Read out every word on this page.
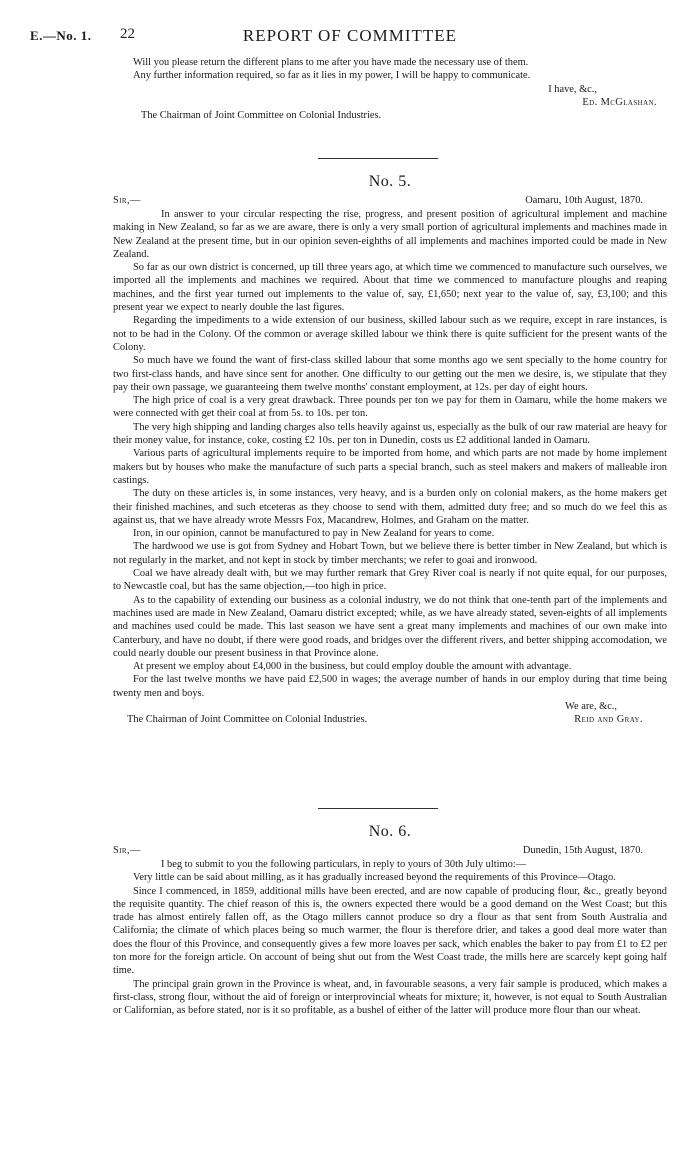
E.—No. 1. 22	REPORT OF COMMITTEE

Will you please return the different plans to me after you have made the necessary use of them.

Any further information required, so far as it lies in my power, I will be happy to communicate.

I have, &c.,

Ed. McGlashan.

The Chairman of Joint Committee on Colonial Industries.

No. 5.
Sir,—	Oamaru, 10th August, 1870.

In answer to your circular respecting the rise, progress, and present position of agricultural implement and machine making in New Zealand, so far as we are aware, there is only a very small portion of agricultural implements and machines made in New Zealand at the present time, but in our opinion seven-eighths of all implements and machines imported could be made in New Zealand.

So far as our own district is concerned, up till three years ago, at which time we commenced to manufacture such ourselves, we imported all the implements and machines we required. About that time we commenced to manufacture ploughs and reaping machines, and the first year turned out implements to the value of, say, £1,650; next year to the value of, say, £3,100; and this present year we expect to nearly double the last figures.

Regarding the impediments to a wide extension of our business, skilled labour such as we require, except in rare instances, is not to be had in the Colony. Of the common or average skilled labour we think there is quite sufficient for the present wants of the Colony.

So much have we found the want of first-class skilled labour that some months ago we sent specially to the home country for two first-class hands, and have since sent for another. One difficulty to our getting out the men we desire, is, we stipulate that they pay their own passage, we guaranteeing them twelve months' constant employment, at 12s. per day of eight hours.

The high price of coal is a very great drawback. Three pounds per ton we pay for them in Oamaru, while the home makers we were connected with get their coal at from 5s. to 10s. per ton.

The very high shipping and landing charges also tells heavily against us, especially as the bulk of our raw material are heavy for their money value, for instance, coke, costing £2 10s. per ton in Dunedin, costs us £2 additional landed in Oamaru.

Various parts of agricultural implements require to be imported from home, and which parts are not made by home implement makers but by houses who make the manufacture of such parts a special branch, such as steel makers and makers of malleable iron castings.

The duty on these articles is, in some instances, very heavy, and is a burden only on colonial makers, as the home makers get their finished machines, and such etceteras as they choose to send with them, admitted duty free; and so much do we feel this as against us, that we have already wrote Messrs Fox, Macandrew, Holmes, and Graham on the matter.

Iron, in our opinion, cannot be manufactured to pay in New Zealand for years to come.

The hardwood we use is got from Sydney and Hobart Town, but we believe there is better timber in New Zealand, but which is not regularly in the market, and not kept in stock by timber merchants; we refer to goai and ironwood.

Coal we have already dealt with, but we may further remark that Grey River coal is nearly if not quite equal, for our purposes, to Newcastle coal, but has the same objection,—too high in price.

As to the capability of extending our business as a colonial industry, we do not think that one-tenth part of the implements and machines used are made in New Zealand, Oamaru district excepted; while, as we have already stated, seven-eights of all implements and machines used could be made. This last season we have sent a great many implements and machines of our own make into Canterbury, and have no doubt, if there were good roads, and bridges over the different rivers, and better shipping accomodation, we could nearly double our present business in that Province alone.

At present we employ about £4,000 in the business, but could employ double the amount with advantage.

For the last twelve months we have paid £2,500 in wages; the average number of hands in our employ during that time being twenty men and boys.

We are, &c.,

The Chairman of Joint Committee on Colonial Industries.	Reid and Gray.
No. 6.
Sir,—	Dunedin, 15th August, 1870.

I beg to submit to you the following particulars, in reply to yours of 30th July ultimo:—

Very little can be said about milling, as it has gradually increased beyond the requirements of this Province—Otago.

Since I commenced, in 1859, additional mills have been erected, and are now capable of producing flour, &c., greatly beyond the requisite quantity. The chief reason of this is, the owners expected there would be a good demand on the West Coast; but this trade has almost entirely fallen off, as the Otago millers cannot produce so dry a flour as that sent from South Australia and California; the climate of which places being so much warmer, the flour is therefore drier, and takes a good deal more water than does the flour of this Province, and consequently gives a few more loaves per sack, which enables the baker to pay from £1 to £2 per ton more for the foreign article. On account of being shut out from the West Coast trade, the mills here are scarcely kept going half time.

The principal grain grown in the Province is wheat, and, in favourable seasons, a very fair sample is produced, which makes a first-class, strong flour, without the aid of foreign or interprovincial wheats for mixture; it, however, is not equal to South Australian or Californian, as before stated, nor is it so profitable, as a bushel of either of the latter will produce more flour than our wheat.
